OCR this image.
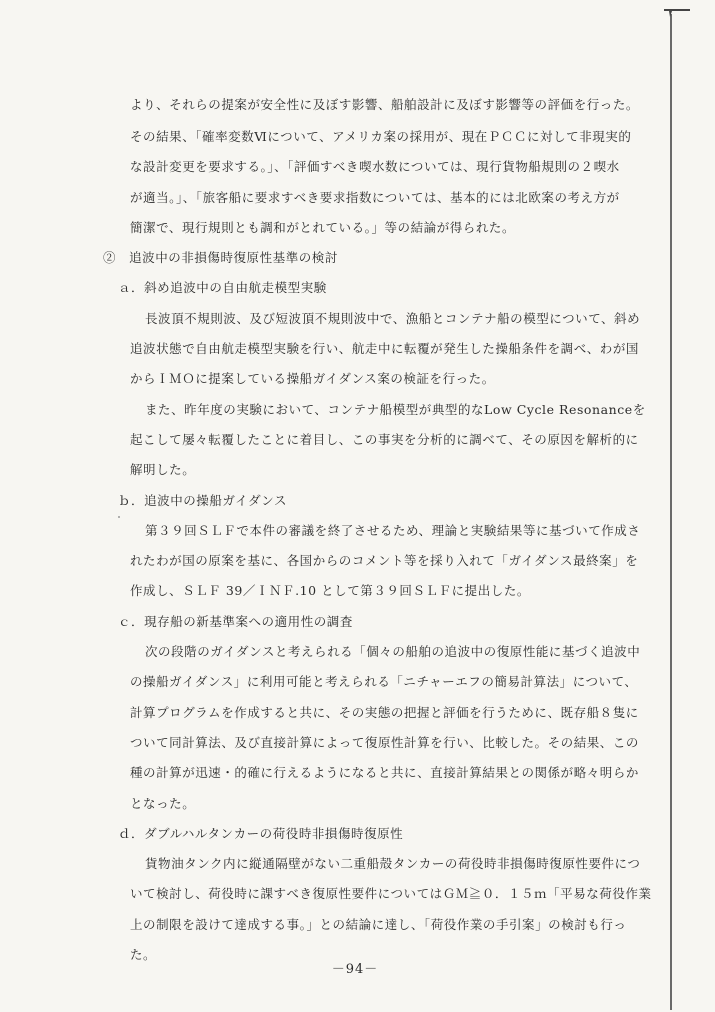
より、それらの提案が安全性に及ぼす影響、船舶設計に及ぼす影響等の評価を行った。
その結果、「確率変数Ⅵについて、アメリカ案の採用が、現在ＰＣＣに対して非現実的
な設計変更を要求する。」、「評価すべき喫水数については、現行貨物船規則の２喫水
が適当。」、「旅客船に要求すべき要求指数については、基本的には北欧案の考え方が
簡潔で、現行規則とも調和がとれている。」等の結論が得られた。
②　追波中の非損傷時復原性基準の検討
ａ．斜め追波中の自由航走模型実験
長波頂不規則波、及び短波頂不規則波中で、漁船とコンテナ船の模型について、斜め
追波状態で自由航走模型実験を行い、航走中に転覆が発生した操船条件を調べ、わが国
からＩＭＯに提案している操船ガイダンス案の検証を行った。
また、昨年度の実験において、コンテナ船模型が典型的なLow Cycle Resonanceを
起こして屡々転覆したことに着目し、この事実を分析的に調べて、その原因を解析的に
解明した。
ｂ．追波中の操船ガイダンス
第３９回ＳＬＦで本件の審議を終了させるため、理論と実験結果等に基づいて作成さ
れたわが国の原案を基に、各国からのコメント等を採り入れて「ガイダンス最終案」を
作成し、ＳＬＦ 39／ＩＮＦ.10 として第３９回ＳＬＦに提出した。
ｃ．現存船の新基準案への適用性の調査
次の段階のガイダンスと考えられる「個々の船舶の追波中の復原性能に基づく追波中
の操船ガイダンス」に利用可能と考えられる「ニチャーエフの簡易計算法」について、
計算プログラムを作成すると共に、その実態の把握と評価を行うために、既存船８隻に
ついて同計算法、及び直接計算によって復原性計算を行い、比較した。その結果、この
種の計算が迅速・的確に行えるようになると共に、直接計算結果との関係が略々明らか
となった。
ｄ．ダブルハルタンカーの荷役時非損傷時復原性
貨物油タンク内に縦通隔壁がない二重船殻タンカーの荷役時非損傷時復原性要件につ
いて検討し、荷役時に課すべき復原性要件についてはＧＭ≧０．１５ｍ「平易な荷役作業
上の制限を設けて達成する事。」との結論に達し、「荷役作業の手引案」の検討も行っ
た。
－94－
